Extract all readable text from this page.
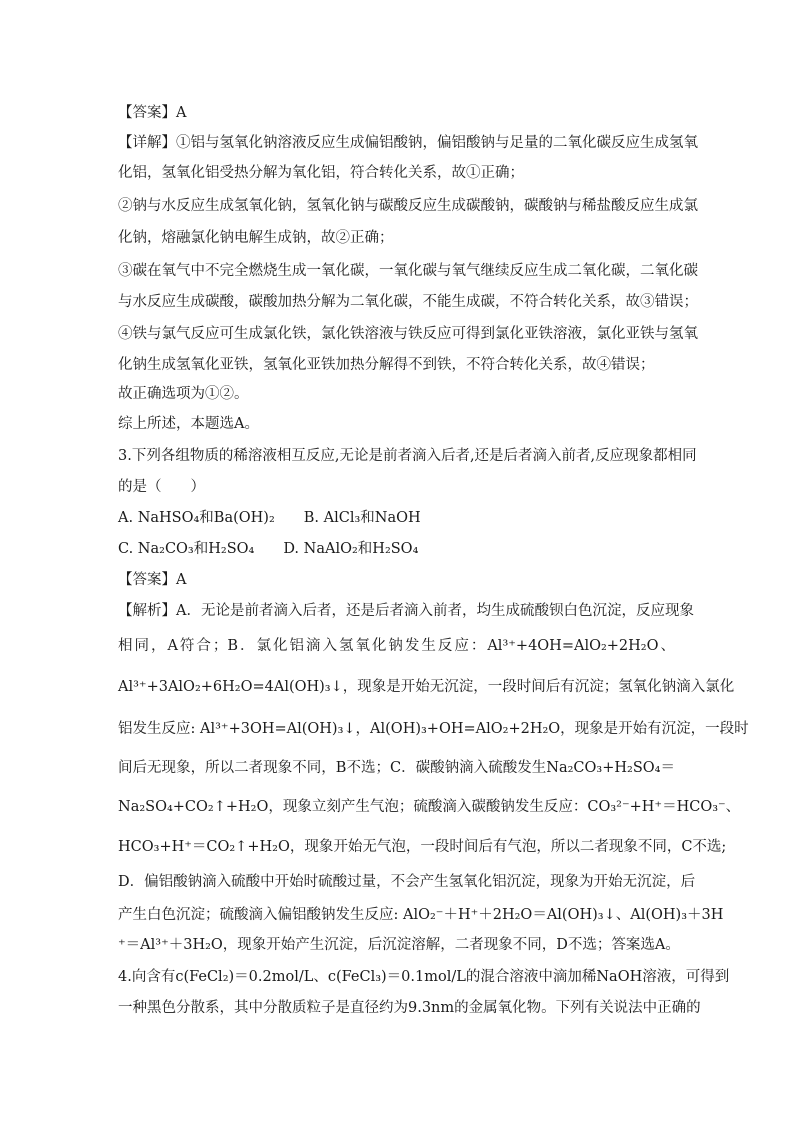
【答案】A
【详解】①铝与氢氧化钠溶液反应生成偏铝酸钠，偏铝酸钠与足量的二氧化碳反应生成氢氧
化铝，氢氧化铝受热分解为氧化铝，符合转化关系，故①正确；
②钠与水反应生成氢氧化钠，氢氧化钠与碳酸反应生成碳酸钠，碳酸钠与稀盐酸反应生成氯
化钠，熔融氯化钠电解生成钠，故②正确；
③碳在氧气中不完全燃烧生成一氧化碳，一氧化碳与氧气继续反应生成二氧化碳，二氧化碳
与水反应生成碳酸，碳酸加热分解为二氧化碳，不能生成碳，不符合转化关系，故③错误；
④铁与氯气反应可生成氯化铁，氯化铁溶液与铁反应可得到氯化亚铁溶液，氯化亚铁与氢氧
化钠生成氢氧化亚铁，氢氧化亚铁加热分解得不到铁，不符合转化关系，故④错误；
故正确选项为①②。
综上所述，本题选A。
3.下列各组物质的稀溶液相互反应,无论是前者滴入后者,还是后者滴入前者,反应现象都相同
的是（　　）
A. NaHSO₄和Ba(OH)₂　　B. AlCl₃和NaOH
C. Na₂CO₃和H₂SO₄　　D. NaAlO₂和H₂SO₄
【答案】A
【解析】A．无论是前者滴入后者，还是后者滴入前者，均生成硫酸钡白色沉淀，反应现象
相同，A符合；B．氯化铝滴入氢氧化钠发生反应：Al³⁺+4OH=AlO₂+2H₂O、
Al³⁺+3AlO₂+6H₂O=4Al(OH)₃↓，现象是开始无沉淀，一段时间后有沉淀；氢氧化钠滴入氯化
铝发生反应: Al³⁺+3OH=Al(OH)₃↓，Al(OH)₃+OH=AlO₂+2H₂O，现象是开始有沉淀，一段时
间后无现象，所以二者现象不同，B不选；C．碳酸钠滴入硫酸发生Na₂CO₃+H₂SO₄＝
Na₂SO₄+CO₂↑+H₂O，现象立刻产生气泡；硫酸滴入碳酸钠发生反应：CO₃²⁻+H⁺＝HCO₃⁻、
HCO₃+H⁺＝CO₂↑+H₂O，现象开始无气泡，一段时间后有气泡，所以二者现象不同，C不选;
D．偏铝酸钠滴入硫酸中开始时硫酸过量，不会产生氢氧化铝沉淀，现象为开始无沉淀，后
产生白色沉淀；硫酸滴入偏铝酸钠发生反应: AlO₂⁻＋H⁺＋2H₂O＝Al(OH)₃↓、Al(OH)₃＋3H
⁺＝Al³⁺＋3H₂O，现象开始产生沉淀，后沉淀溶解，二者现象不同，D不选；答案选A。
4.向含有c(FeCl₂)＝0.2mol/L、c(FeCl₃)＝0.1mol/L的混合溶液中滴加稀NaOH溶液，可得到
一种黑色分散系，其中分散质粒子是直径约为9.3nm的金属氧化物。下列有关说法中正确的
